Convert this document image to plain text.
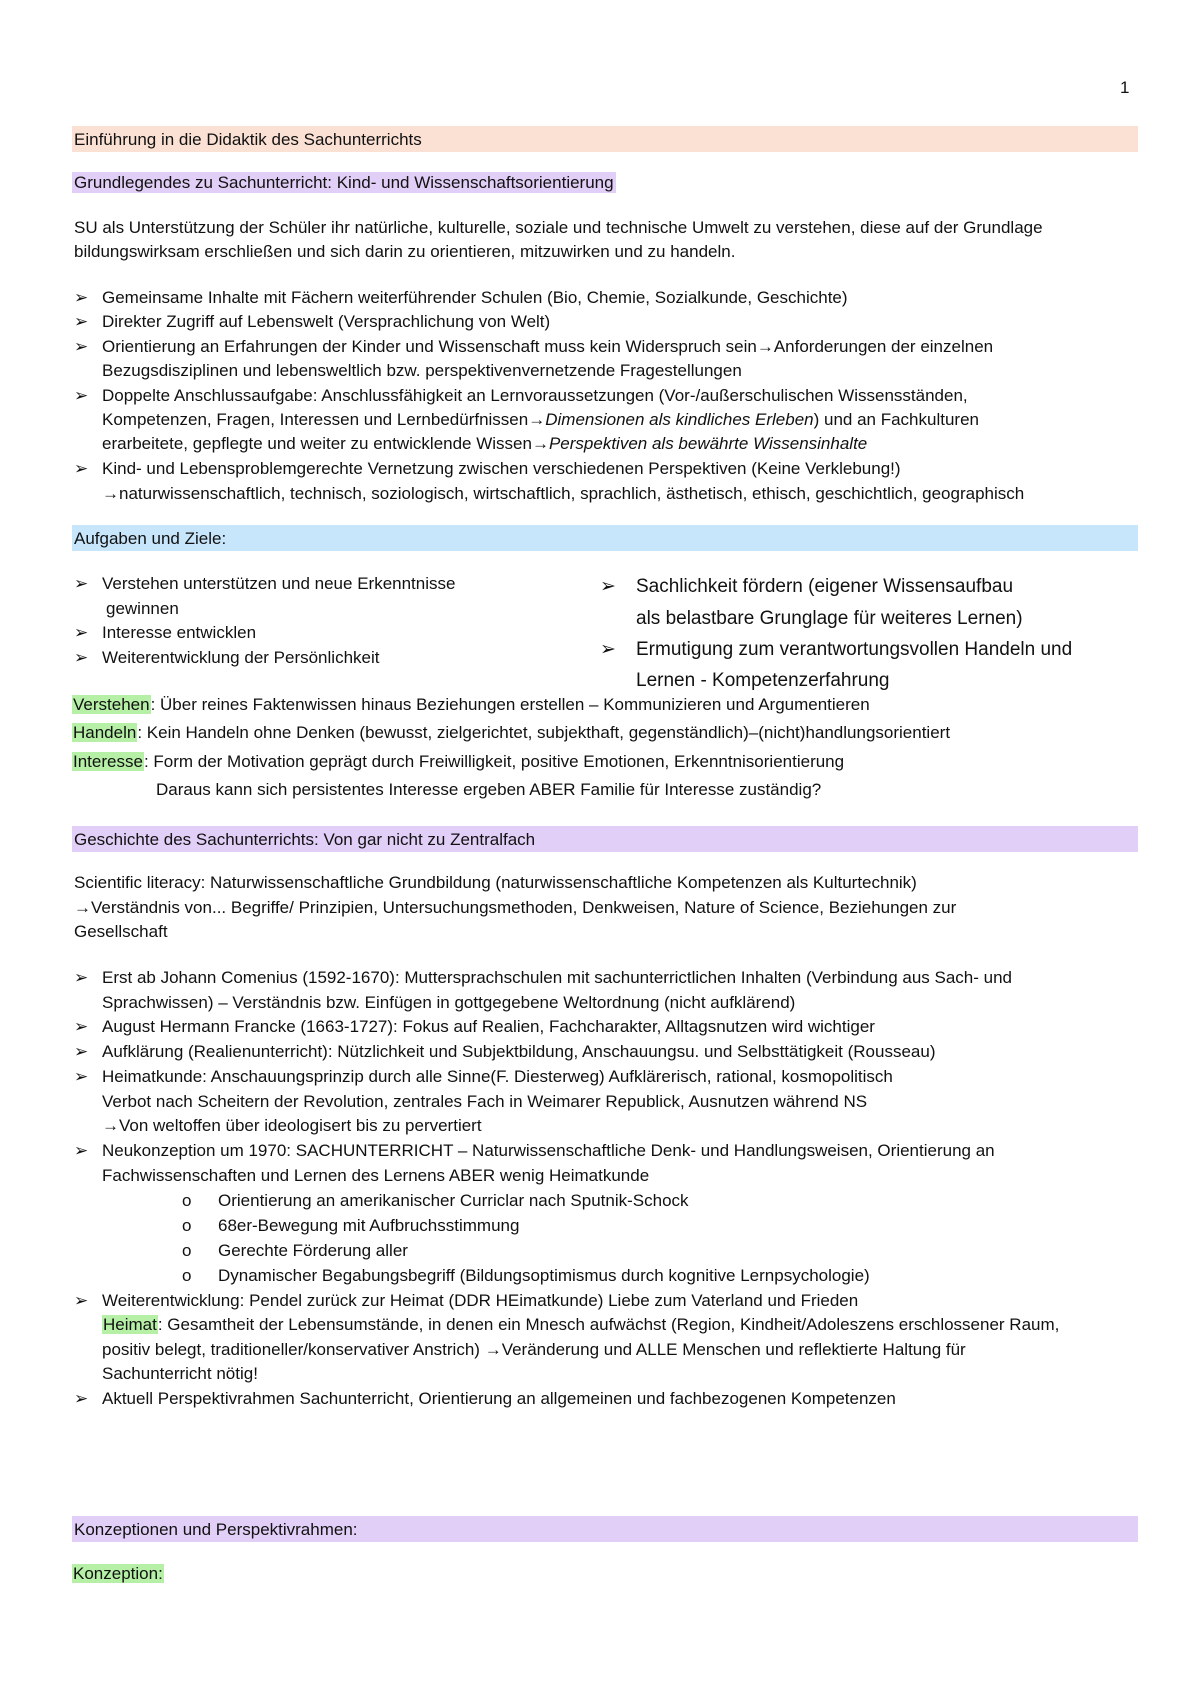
1
Einführung in die Didaktik des Sachunterrichts
Grundlegendes zu Sachunterricht: Kind- und Wissenschaftsorientierung
SU als Unterstützung der Schüler ihr natürliche, kulturelle, soziale und technische Umwelt zu verstehen, diese auf der Grundlage
bildungswirksam erschließen und sich darin zu orientieren, mitzuwirken und zu handeln.
➢ Gemeinsame Inhalte mit Fächern weiterführender Schulen (Bio, Chemie, Sozialkunde, Geschichte)
➢ Direkter Zugriff auf Lebenswelt (Versprachlichung von Welt)
➢ Orientierung an Erfahrungen der Kinder und Wissenschaft muss kein Widerspruch sein→Anforderungen der einzelnen
Bezugsdisziplinen und lebensweltlich bzw. perspektivenvernetzende Fragestellungen
➢ Doppelte Anschlussaufgabe: Anschlussfähigkeit an Lernvoraussetzungen (Vor-/außerschulischen Wissensständen,
Kompetenzen, Fragen, Interessen und Lernbedürfnissen→Dimensionen als kindliches Erleben) und an Fachkulturen
erarbeitete, gepflegte und weiter zu entwicklende Wissen→Perspektiven als bewährte Wissensinhalte
➢ Kind- und Lebensproblemgerechte Vernetzung zwischen verschiedenen Perspektiven (Keine Verklebung!)
→naturwissenschaftlich, technisch, soziologisch, wirtschaftlich, sprachlich, ästhetisch, ethisch, geschichtlich, geographisch
Aufgaben und Ziele:
➢ Verstehen unterstützen und neue Erkenntnisse
gewinnen
➢ Interesse entwicklen
➢ Weiterentwicklung der Persönlichkeit
➢ Sachlichkeit fördern (eigener Wissensaufbau
als belastbare Grunglage für weiteres Lernen)
➢ Ermutigung zum verantwortungsvollen Handeln und
Lernen - Kompetenzerfahrung
Verstehen: Über reines Faktenwissen hinaus Beziehungen erstellen – Kommunizieren und Argumentieren
Handeln: Kein Handeln ohne Denken (bewusst, zielgerichtet, subjekthaft, gegenständlich)–(nicht)handlungsorientiert
Interesse: Form der Motivation geprägt durch Freiwilligkeit, positive Emotionen, Erkenntnisorientierung
Daraus kann sich persistentes Interesse ergeben ABER Familie für Interesse zuständig?
Geschichte des Sachunterrichts: Von gar nicht zu Zentralfach
Scientific literacy: Naturwissenschaftliche Grundbildung (naturwissenschaftliche Kompetenzen als Kulturtechnik)
→Verständnis von... Begriffe/ Prinzipien, Untersuchungsmethoden, Denkweisen, Nature of Science, Beziehungen zur
Gesellschaft
➢ Erst ab Johann Comenius (1592-1670): Muttersprachschulen mit sachunterrictlichen Inhalten (Verbindung aus Sach- und
Sprachwissen) – Verständnis bzw. Einfügen in gottgegebene Weltordnung (nicht aufklärend)
➢ August Hermann Francke (1663-1727): Fokus auf Realien, Fachcharakter, Alltagsnutzen wird wichtiger
➢ Aufklärung (Realienunterricht): Nützlichkeit und Subjektbildung, Anschauungsu. und Selbsttätigkeit (Rousseau)
➢ Heimatkunde: Anschauungsprinzip durch alle Sinne(F. Diesterweg) Aufklärerisch, rational, kosmopolitisch
Verbot nach Scheitern der Revolution, zentrales Fach in Weimarer Republick, Ausnutzen während NS
→Von weltoffen über ideologisert bis zu pervertiert
➢ Neukonzeption um 1970: SACHUNTERRICHT – Naturwissenschaftliche Denk- und Handlungsweisen, Orientierung an
Fachwissenschaften und Lernen des Lernens ABER wenig Heimatkunde
o Orientierung an amerikanischer Curriclar nach Sputnik-Schock
o 68er-Bewegung mit Aufbruchsstimmung
o Gerechte Förderung aller
o Dynamischer Begabungsbegriff (Bildungsoptimismus durch kognitive Lernpsychologie)
➢ Weiterentwicklung: Pendel zurück zur Heimat (DDR HEimatkunde) Liebe zum Vaterland und Frieden
Heimat: Gesamtheit der Lebensumstände, in denen ein Mnesch aufwächst (Region, Kindheit/Adoleszens erschlossener Raum,
positiv belegt, traditioneller/konservativer Anstrich) →Veränderung und ALLE Menschen und reflektierte Haltung für
Sachunterricht nötig!
➢ Aktuell Perspektivrahmen Sachunterricht, Orientierung an allgemeinen und fachbezogenen Kompetenzen
Konzeptionen und Perspektivrahmen:
Konzeption:
